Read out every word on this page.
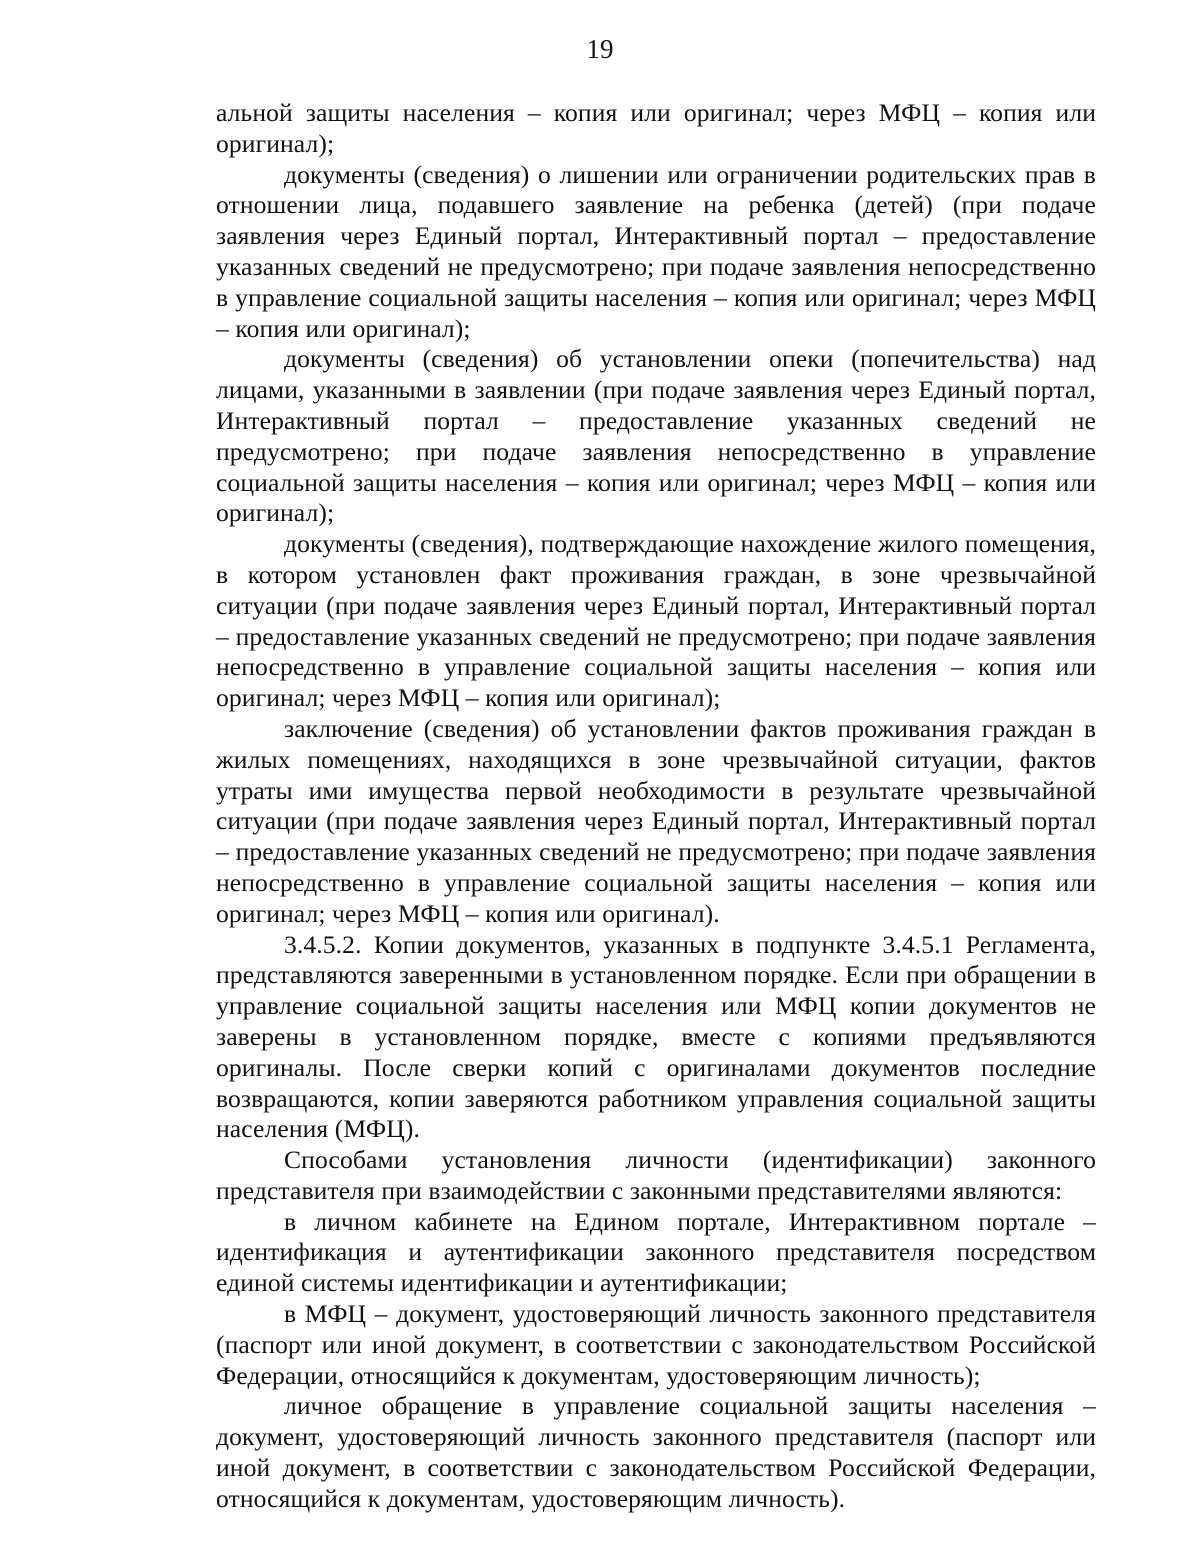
19

альной защиты населения – копия или оригинал; через МФЦ – копия или оригинал);

документы (сведения) о лишении или ограничении родительских прав в отношении лица, подавшего заявление на ребенка (детей) (при подаче заявления через Единый портал, Интерактивный портал – предоставление указанных сведений не предусмотрено; при подаче заявления непосредственно в управление социальной защиты населения – копия или оригинал; через МФЦ – копия или оригинал);

документы (сведения) об установлении опеки (попечительства) над лицами, указанными в заявлении (при подаче заявления через Единый портал, Интерактивный портал – предоставление указанных сведений не предусмотрено; при подаче заявления непосредственно в управление социальной защиты населения – копия или оригинал; через МФЦ – копия или оригинал);

документы (сведения), подтверждающие нахождение жилого помещения, в котором установлен факт проживания граждан, в зоне чрезвычайной ситуации (при подаче заявления через Единый портал, Интерактивный портал – предоставление указанных сведений не предусмотрено; при подаче заявления непосредственно в управление социальной защиты населения – копия или оригинал; через МФЦ – копия или оригинал);

заключение (сведения) об установлении фактов проживания граждан в жилых помещениях, находящихся в зоне чрезвычайной ситуации, фактов утраты ими имущества первой необходимости в результате чрезвычайной ситуации (при подаче заявления через Единый портал, Интерактивный портал – предоставление указанных сведений не предусмотрено; при подаче заявления непосредственно в управление социальной защиты населения – копия или оригинал; через МФЦ – копия или оригинал).

3.4.5.2. Копии документов, указанных в подпункте 3.4.5.1 Регламента, представляются заверенными в установленном порядке. Если при обращении в управление социальной защиты населения или МФЦ копии документов не заверены в установленном порядке, вместе с копиями предъявляются оригиналы. После сверки копий с оригиналами документов последние возвращаются, копии заверяются работником управления социальной защиты населения (МФЦ).

Способами установления личности (идентификации) законного представителя при взаимодействии с законными представителями являются:

в личном кабинете на Едином портале, Интерактивном портале – идентификация и аутентификации законного представителя посредством единой системы идентификации и аутентификации;

в МФЦ – документ, удостоверяющий личность законного представителя (паспорт или иной документ, в соответствии с законодательством Российской Федерации, относящийся к документам, удостоверяющим личность);

личное обращение в управление социальной защиты населения – документ, удостоверяющий личность законного представителя (паспорт или иной документ, в соответствии с законодательством Российской Федерации, относящийся к документам, удостоверяющим личность).
